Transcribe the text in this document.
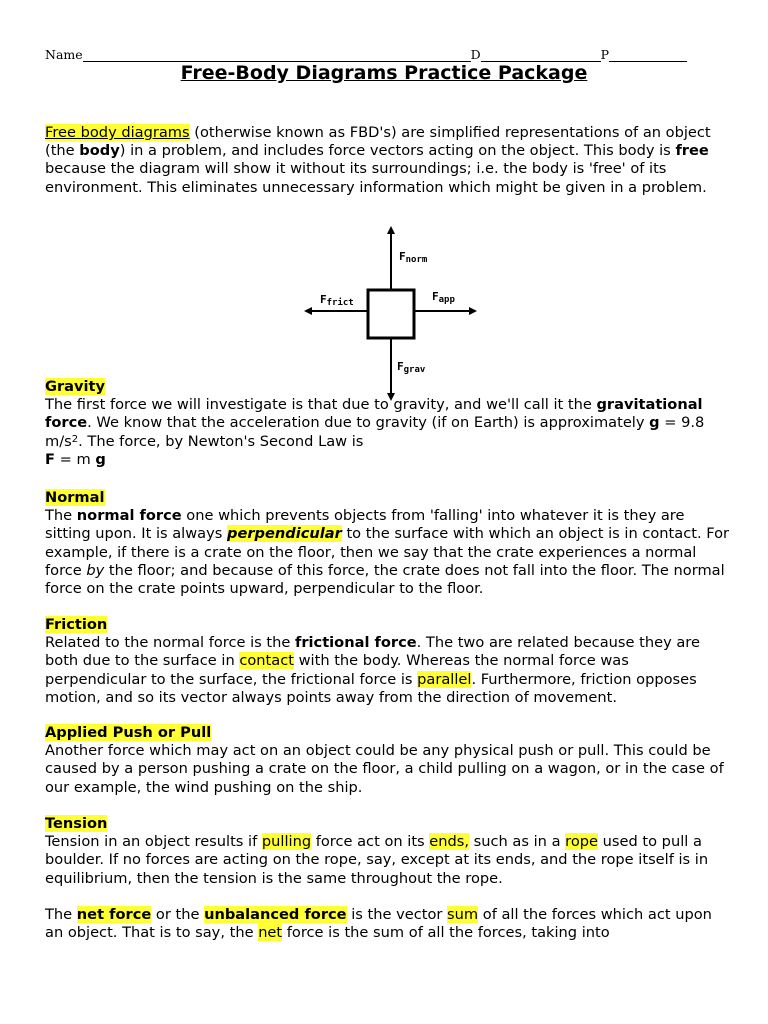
Name	D	P
Free-Body Diagrams Practice Package
Free body diagrams (otherwise known as FBD's) are simplified representations of an object (the body) in a problem, and includes force vectors acting on the object. This body is free because the diagram will show it without its surroundings; i.e. the body is 'free' of its environment. This eliminates unnecessary information which might be given in a problem.
Fnorm
Ffrict	Fapp
Fgrav
Gravity
The first force we will investigate is that due to gravity, and we'll call it the gravitational force. We know that the acceleration due to gravity (if on Earth) is approximately g = 9.8 $m/s^2$. The force, by Newton's Second Law is
F = m g
Normal
The normal force one which prevents objects from 'falling' into whatever it is they are sitting upon. It is always perpendicular to the surface with which an object is in contact. For example, if there is a crate on the floor, then we say that the crate experiences a normal force by the floor; and because of this force, the crate does not fall into the floor. The normal force on the crate points upward, perpendicular to the floor.
Friction
Related to the normal force is the frictional force. The two are related because they are both due to the surface in contact with the body. Whereas the normal force was perpendicular to the surface, the frictional force is parallel. Furthermore, friction opposes motion, and so its vector always points away from the direction of movement.
Applied Push or Pull
Another force which may act on an object could be any physical push or pull. This could be caused by a person pushing a crate on the floor, a child pulling on a wagon, or in the case of our example, the wind pushing on the ship.
Tension
Tension in an object results if pulling force act on its ends, such as in a rope used to pull a boulder. If no forces are acting on the rope, say, except at its ends, and the rope itself is in equilibrium, then the tension is the same throughout the rope.
The net force or the unbalanced force is the vector sum of all the forces which act upon an object. That is to say, the net force is the sum of all the forces, taking into
